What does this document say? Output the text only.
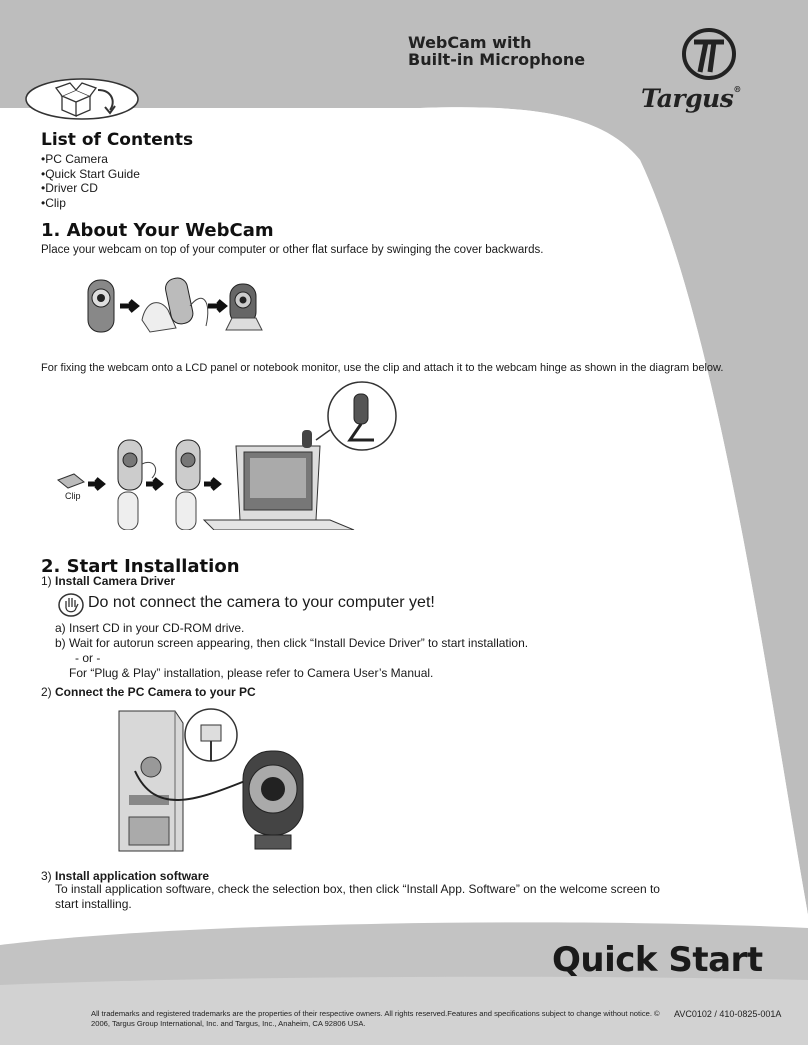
WebCam with
Built-in Microphone
Targus®
List of Contents
• PC Camera
• Quick Start Guide
• Driver CD
• Clip
1. About Your WebCam
Place your webcam on top of your computer or other flat surface by swinging the cover backwards.
For fixing the webcam onto a LCD panel or notebook monitor, use the clip and attach it to the webcam hinge as shown in the diagram below.
Clip
2. Start Installation
1) Install Camera Driver
Do not connect the camera to your computer yet!
a) Insert CD in your CD-ROM drive.
b) Wait for autorun screen appearing, then click “Install Device Driver” to start installation.
- or -
For “Plug & Play” installation, please refer to Camera User’s Manual.
2) Connect the PC Camera to your PC
3) Install application software
To install application software, check the selection box, then click “Install App. Software” on the welcome screen to
start installing.
Quick Start
All trademarks and registered trademarks are the properties of their respective owners. All rights reserved.Features and specifications subject to change without notice. © 2006, Targus Group International, Inc. and Targus, Inc., Anaheim, CA 92806 USA.
AVC0102 / 410-0825-001A
